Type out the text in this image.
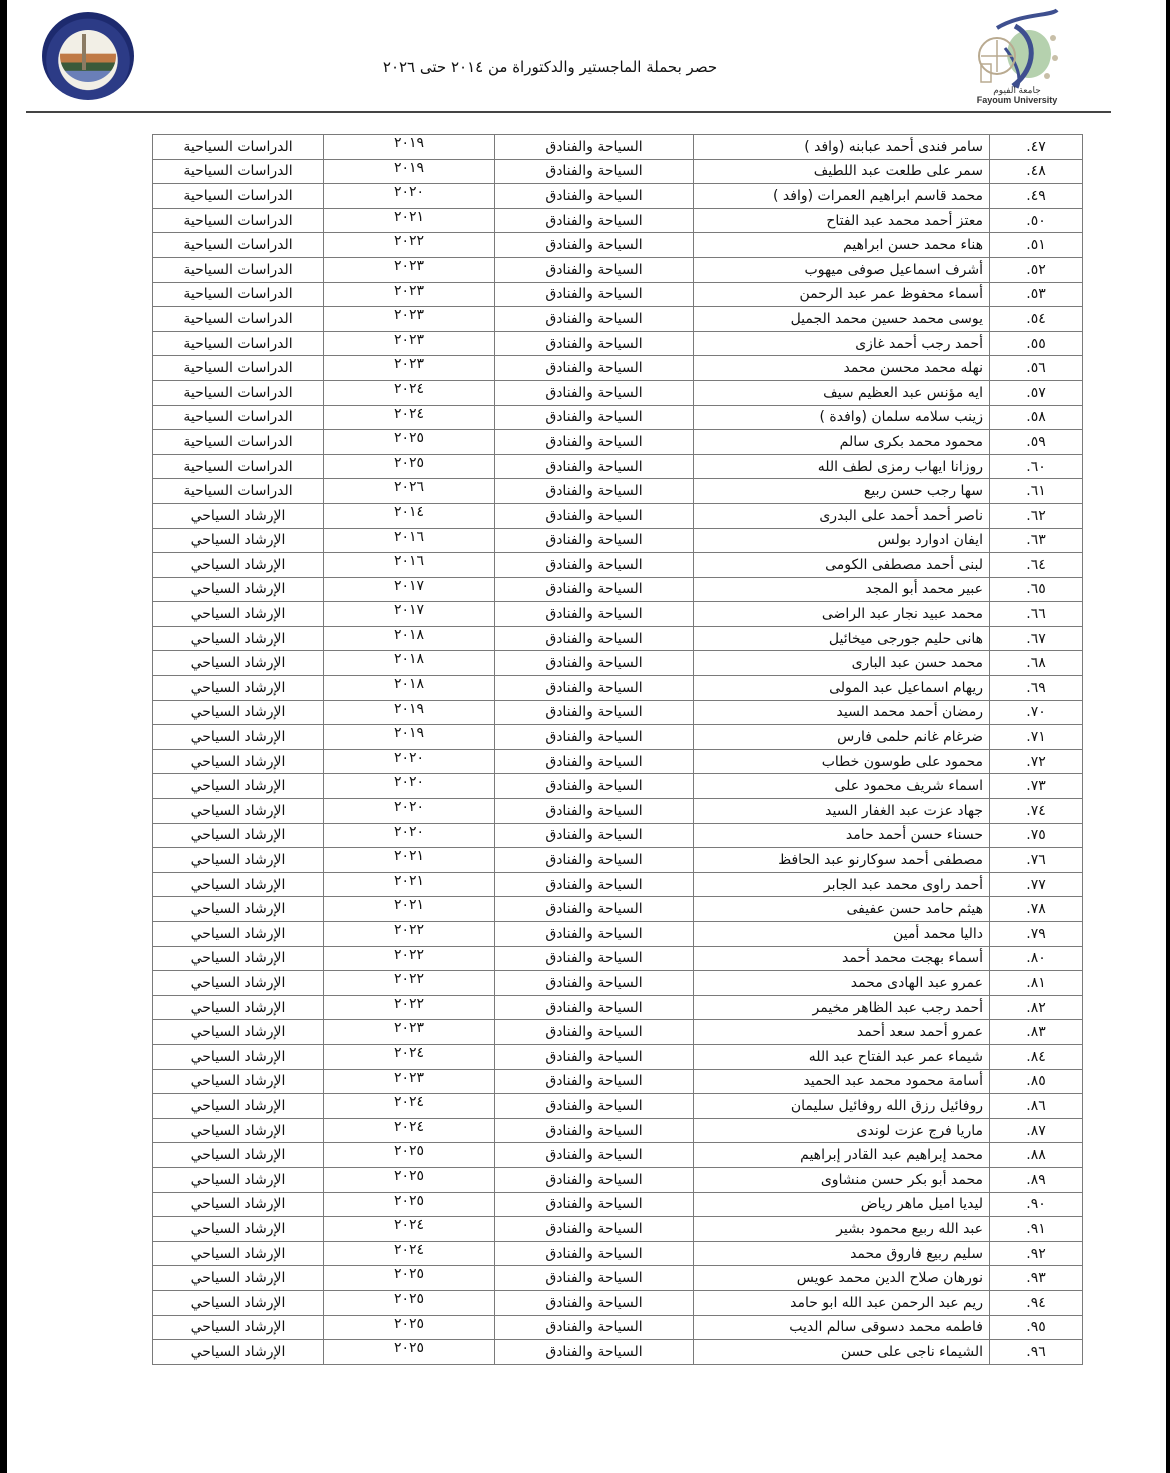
جامعة الفيوم
Fayoum University
حصر بحملة الماجستير والدكتوراة من ٢٠١٤ حتى ٢٠٢٦
٤٧.	سامر فندى أحمد عبابنه (وافد )	السياحة والفنادق	٢٠١٩	الدراسات السياحية
٤٨.	سمر على طلعت عبد اللطيف	السياحة والفنادق	٢٠١٩	الدراسات السياحية
٤٩.	محمد قاسم ابراهيم العمرات (وافد )	السياحة والفنادق	٢٠٢٠	الدراسات السياحية
٥٠.	معتز أحمد محمد عبد الفتاح	السياحة والفنادق	٢٠٢١	الدراسات السياحية
٥١.	هناء محمد حسن ابراهيم	السياحة والفنادق	٢٠٢٢	الدراسات السياحية
٥٢.	أشرف اسماعيل صوفى ميهوب	السياحة والفنادق	٢٠٢٣	الدراسات السياحية
٥٣.	أسماء محفوظ عمر عبد الرحمن	السياحة والفنادق	٢٠٢٣	الدراسات السياحية
٥٤.	يوسى محمد حسين محمد الجميل	السياحة والفنادق	٢٠٢٣	الدراسات السياحية
٥٥.	أحمد رجب أحمد غازى	السياحة والفنادق	٢٠٢٣	الدراسات السياحية
٥٦.	نهله محمد محسن محمد	السياحة والفنادق	٢٠٢٣	الدراسات السياحية
٥٧.	ايه مؤنس عبد العظيم سيف	السياحة والفنادق	٢٠٢٤	الدراسات السياحية
٥٨.	زينب سلامه سلمان (وافدة )	السياحة والفنادق	٢٠٢٤	الدراسات السياحية
٥٩.	محمود محمد بكرى سالم	السياحة والفنادق	٢٠٢٥	الدراسات السياحية
٦٠.	روزانا ايهاب رمزى لطف الله	السياحة والفنادق	٢٠٢٥	الدراسات السياحية
٦١.	سها رجب حسن ربيع	السياحة والفنادق	٢٠٢٦	الدراسات السياحية
٦٢.	ناصر أحمد أحمد على البدرى	السياحة والفنادق	٢٠١٤	الإرشاد السياحي
٦٣.	ايفان ادوارد بولس	السياحة والفنادق	٢٠١٦	الإرشاد السياحي
٦٤.	لبنى أحمد مصطفى الكومى	السياحة والفنادق	٢٠١٦	الإرشاد السياحي
٦٥.	عبير محمد أبو المجد	السياحة والفنادق	٢٠١٧	الإرشاد السياحي
٦٦.	محمد عبيد نجار عبد الراضى	السياحة والفنادق	٢٠١٧	الإرشاد السياحي
٦٧.	هانى حليم جورجى ميخائيل	السياحة والفنادق	٢٠١٨	الإرشاد السياحي
٦٨.	محمد حسن عبد البارى	السياحة والفنادق	٢٠١٨	الإرشاد السياحي
٦٩.	ريهام اسماعيل عبد المولى	السياحة والفنادق	٢٠١٨	الإرشاد السياحي
٧٠.	رمضان أحمد محمد السيد	السياحة والفنادق	٢٠١٩	الإرشاد السياحي
٧١.	ضرغام غانم حلمى فارس	السياحة والفنادق	٢٠١٩	الإرشاد السياحي
٧٢.	محمود على طوسون خطاب	السياحة والفنادق	٢٠٢٠	الإرشاد السياحي
٧٣.	اسماء شريف محمود على	السياحة والفنادق	٢٠٢٠	الإرشاد السياحي
٧٤.	جهاد عزت عبد الغفار السيد	السياحة والفنادق	٢٠٢٠	الإرشاد السياحي
٧٥.	حسناء حسن أحمد حامد	السياحة والفنادق	٢٠٢٠	الإرشاد السياحي
٧٦.	مصطفى أحمد سوكارنو عبد الحافظ	السياحة والفنادق	٢٠٢١	الإرشاد السياحي
٧٧.	أحمد راوى محمد عبد الجابر	السياحة والفنادق	٢٠٢١	الإرشاد السياحي
٧٨.	هيثم حامد حسن عفيفى	السياحة والفنادق	٢٠٢١	الإرشاد السياحي
٧٩.	داليا محمد أمين	السياحة والفنادق	٢٠٢٢	الإرشاد السياحي
٨٠.	أسماء بهجت محمد أحمد	السياحة والفنادق	٢٠٢٢	الإرشاد السياحي
٨١.	عمرو عبد الهادى محمد	السياحة والفنادق	٢٠٢٢	الإرشاد السياحي
٨٢.	أحمد رجب عبد الظاهر مخيمر	السياحة والفنادق	٢٠٢٢	الإرشاد السياحي
٨٣.	عمرو أحمد سعد أحمد	السياحة والفنادق	٢٠٢٣	الإرشاد السياحي
٨٤.	شيماء عمر عبد الفتاح عبد الله	السياحة والفنادق	٢٠٢٤	الإرشاد السياحي
٨٥.	أسامة محمود محمد عبد الحميد	السياحة والفنادق	٢٠٢٣	الإرشاد السياحي
٨٦.	روفائيل رزق الله روفائيل سليمان	السياحة والفنادق	٢٠٢٤	الإرشاد السياحي
٨٧.	ماريا فرج عزت لوندى	السياحة والفنادق	٢٠٢٤	الإرشاد السياحي
٨٨.	محمد إبراهيم عبد القادر إبراهيم	السياحة والفنادق	٢٠٢٥	الإرشاد السياحي
٨٩.	محمد أبو بكر حسن منشاوى	السياحة والفنادق	٢٠٢٥	الإرشاد السياحي
٩٠.	ليديا اميل ماهر رياض	السياحة والفنادق	٢٠٢٥	الإرشاد السياحي
٩١.	عبد الله ربيع محمود بشير	السياحة والفنادق	٢٠٢٤	الإرشاد السياحي
٩٢.	سليم ربيع فاروق محمد	السياحة والفنادق	٢٠٢٤	الإرشاد السياحي
٩٣.	نورهان صلاح الدين محمد عويس	السياحة والفنادق	٢٠٢٥	الإرشاد السياحي
٩٤.	ريم عبد الرحمن عبد الله ابو حامد	السياحة والفنادق	٢٠٢٥	الإرشاد السياحي
٩٥.	فاطمه محمد دسوقى سالم الديب	السياحة والفنادق	٢٠٢٥	الإرشاد السياحي
٩٦.	الشيماء ناجى على حسن	السياحة والفنادق	٢٠٢٥	الإرشاد السياحي
